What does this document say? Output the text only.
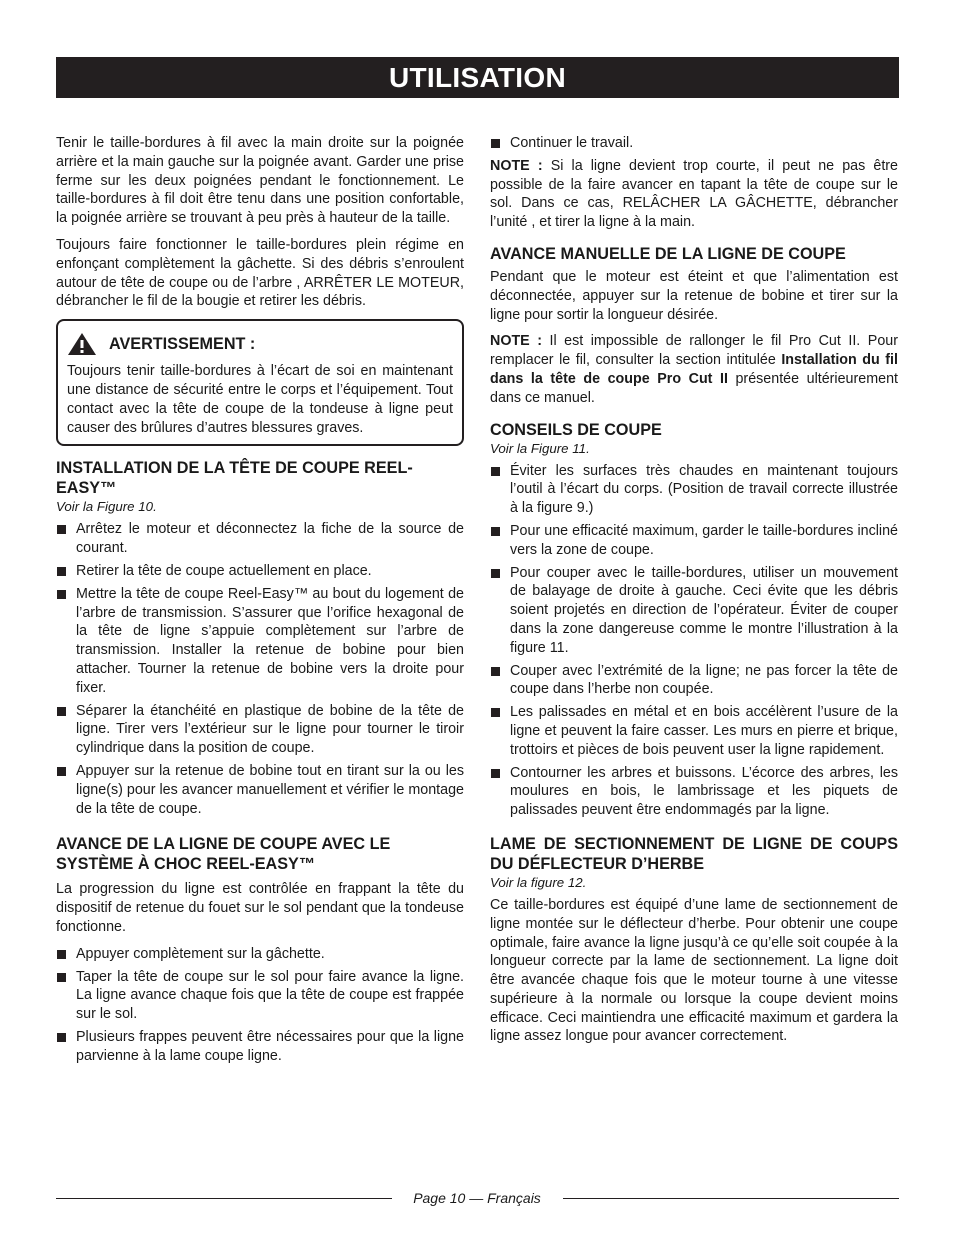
UTILISATION

Tenir le taille-bordures à fil avec la main droite sur la poignée arrière et la main gauche sur la poignée avant. Garder une prise ferme sur les deux poignées pendant le fonctionnement. Le taille-bordures à fil doit être tenu dans une position confortable, la poignée arrière se trouvant à peu près à hauteur de la taille.

Toujours faire fonctionner le taille-bordures plein régime en enfonçant complètement la gâchette. Si des débris s’enroulent autour de tête de coupe ou de l’arbre , ARRÊTER LE MOTEUR, débrancher le fil de la bougie et retirer les débris.

AVERTISSEMENT :

Toujours tenir taille-bordures à l’écart de soi en maintenant une distance de sécurité entre le corps et l’équipement. Tout contact avec la tête de coupe de la tondeuse à ligne peut causer des brûlures d’autres blessures graves.

INSTALLATION DE LA TÊTE DE COUPE REEL-EASY™
Voir la Figure 10.
Arrêtez le moteur et déconnectez la fiche de la source de courant.
Retirer la tête de coupe actuellement en place.
Mettre la tête de coupe Reel-Easy™ au bout du logement de l’arbre de transmission. S’assurer que l’orifice hexagonal de la tête de ligne s’appuie complètement sur l’arbre de transmission. Installer la retenue de bobine pour bien attacher. Tourner la retenue de bobine vers la droite pour fixer.
Séparer la étanchéité en plastique de bobine de la tête de ligne. Tirer vers l’extérieur sur le ligne pour tourner le tiroir cylindrique dans la position de coupe.
Appuyer sur la retenue de bobine tout en tirant sur la ou les ligne(s) pour les avancer manuellement et vérifier le montage de la tête de coupe.
AVANCE DE LA LIGNE DE COUPE AVEC LE SYSTÈME À CHOC REEL-EASY™

La progression du ligne est contrôlée en frappant la tête du dispositif de retenue du fouet sur le sol pendant que la tondeuse fonctionne.

Appuyer complètement sur la gâchette.
Taper la tête de coupe sur le sol pour faire avance la ligne. La ligne avance chaque fois que la tête de coupe est frappée sur le sol.
Plusieurs frappes peuvent être nécessaires pour que la ligne parvienne à la lame coupe ligne.
Continuer le travail.

NOTE : Si la ligne devient trop courte, il peut ne pas être possible de la faire avancer en tapant la tête de coupe sur le sol. Dans ce cas, RELÂCHER LA GÂCHETTE, débrancher l’unité , et tirer la ligne à la main.

AVANCE MANUELLE DE LA LIGNE DE COUPE

Pendant que le moteur est éteint et que l’alimentation est déconnectée, appuyer sur la retenue de bobine et tirer sur la ligne pour sortir la longueur désirée.

NOTE : Il est impossible de rallonger le fil Pro Cut II. Pour remplacer le fil, consulter la section intitulée Installation du fil dans la tête de coupe Pro Cut II présentée ultérieurement dans ce manuel.

CONSEILS DE COUPE
Voir la Figure 11.
Éviter les surfaces très chaudes en maintenant toujours l’outil à l’écart du corps. (Position de travail correcte illustrée à la figure 9.)
Pour une efficacité maximum, garder le taille-bordures incliné vers la zone de coupe.
Pour couper avec le taille-bordures, utiliser un mouvement de balayage de droite à gauche. Ceci évite que les débris soient projetés en direction de l’opérateur. Éviter de couper dans la zone dangereuse comme le montre l’illustration à la figure 11.
Couper avec l’extrémité de la ligne; ne pas forcer la tête de coupe dans l’herbe non coupée.
Les palissades en métal et en bois accélèrent l’usure de la ligne et peuvent la faire casser. Les murs en pierre et brique, trottoirs et pièces de bois peuvent user la ligne rapidement.
Contourner les arbres et buissons. L’écorce des arbres, les moulures en bois, le lambrissage et les piquets de palissades peuvent être endommagés par la ligne.
LAME DE SECTIONNEMENT DE LIGNE DE COUPS DU DÉFLECTEUR D’HERBE
Voir la figure 12.

Ce taille-bordures est équipé d’une lame de sectionnement de ligne montée sur le déflecteur d’herbe. Pour obtenir une coupe optimale, faire avance la ligne jusqu’à ce qu’elle soit coupée à la longueur correcte par la lame de sectionnement. La ligne doit être avancée chaque fois que le moteur tourne à une vitesse supérieure à la normale ou lorsque la coupe devient moins efficace. Ceci maintiendra une efficacité maximum et gardera la ligne assez longue pour avancer correctement.

Page 10 — Français
